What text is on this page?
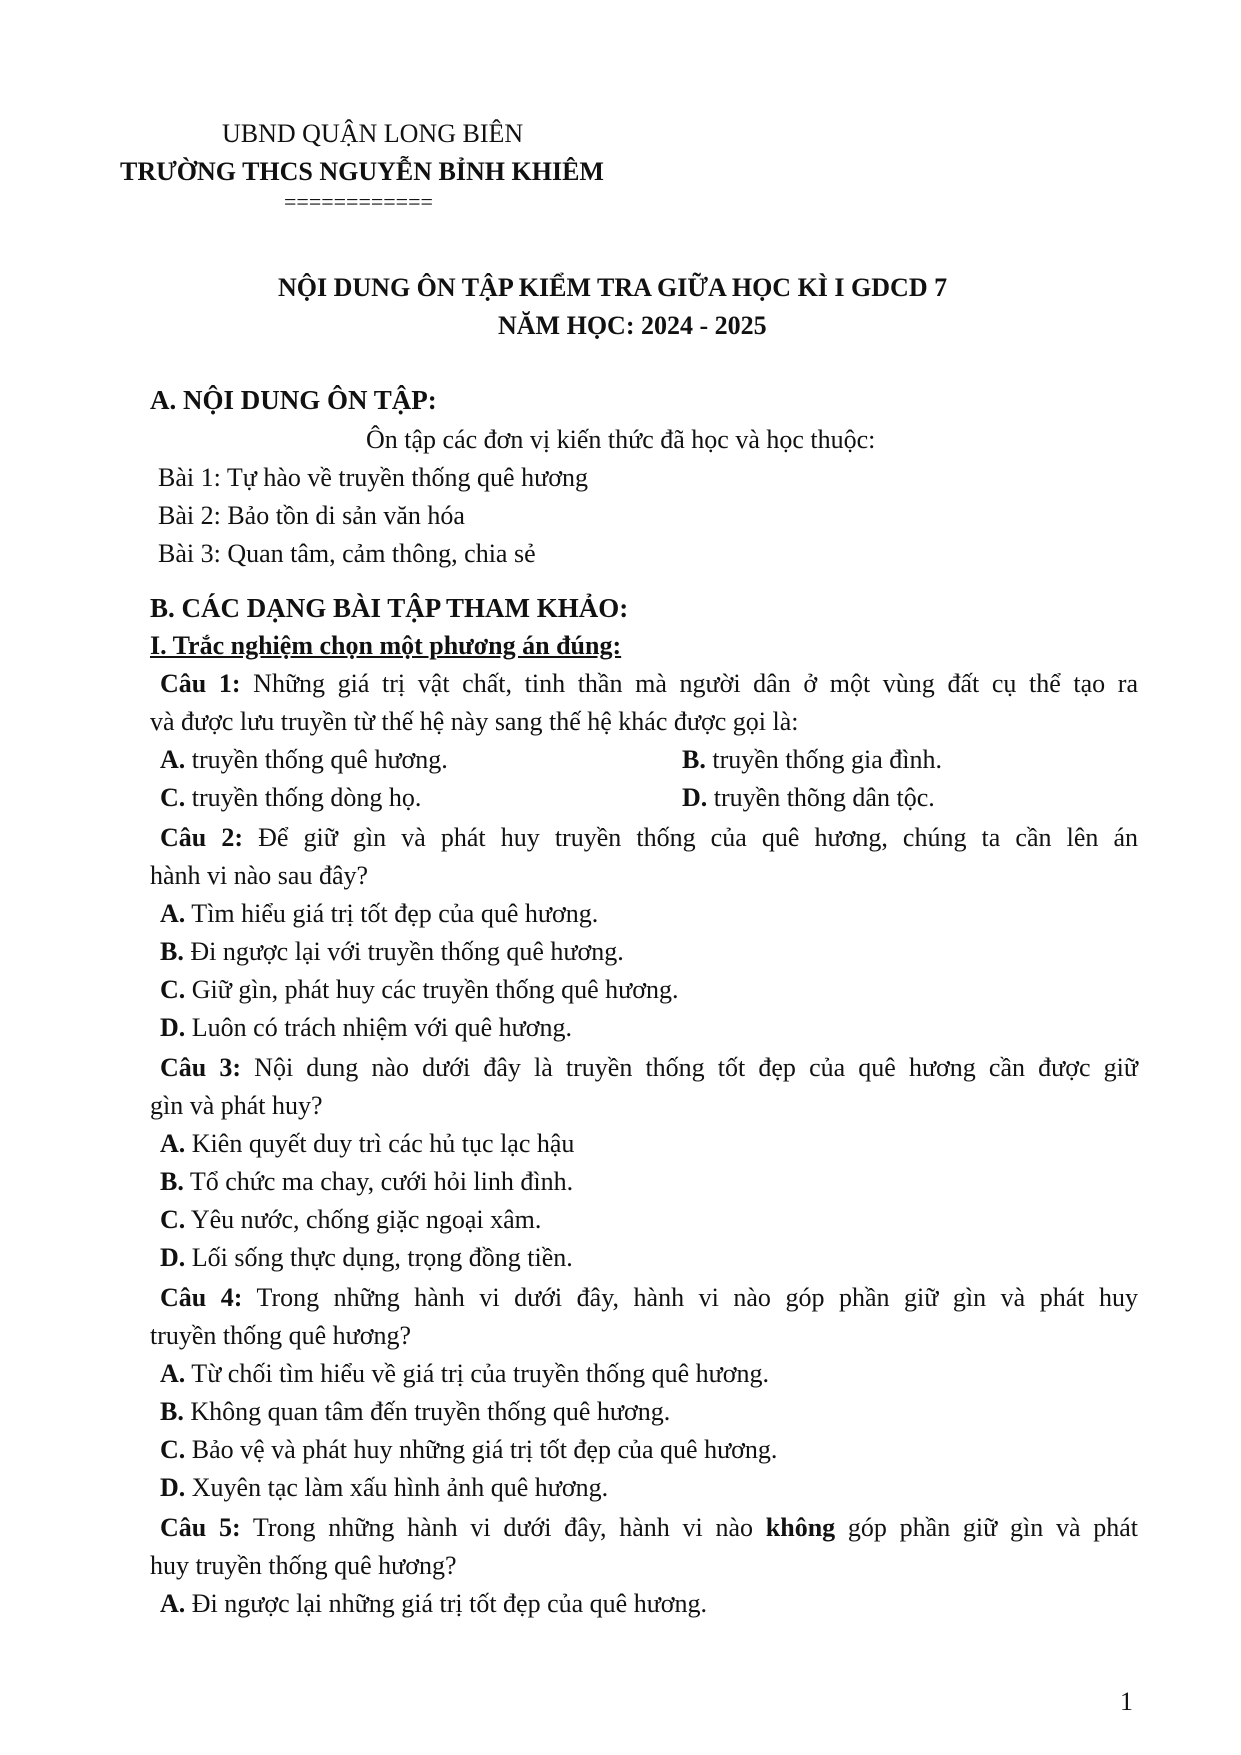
UBND QUẬN LONG BIÊN
TRƯỜNG THCS NGUYỄN BỈNH KHIÊM
============
NỘI DUNG ÔN TẬP KIỂM TRA GIỮA HỌC KÌ I GDCD 7
NĂM HỌC: 2024 - 2025
A. NỘI DUNG ÔN TẬP:
Ôn tập các đơn vị kiến thức đã học và học thuộc:
Bài 1: Tự hào về truyền thống quê hương
Bài 2: Bảo tồn di sản văn hóa
Bài 3: Quan tâm, cảm thông, chia sẻ
B. CÁC DẠNG BÀI TẬP THAM KHẢO:
I. Trắc nghiệm chọn một phương án đúng:
Câu 1: Những giá trị vật chất, tinh thần mà người dân ở một vùng đất cụ thể tạo ra
và được lưu truyền từ thế hệ này sang thế hệ khác được gọi là:
A. truyền thống quê hương.	B. truyền thống gia đình.
C. truyền thống dòng họ.	D. truyền thõng dân tộc.
Câu 2: Để giữ gìn và phát huy truyền thống của quê hương, chúng ta cần lên án
hành vi nào sau đây?
A. Tìm hiểu giá trị tốt đẹp của quê hương.
B. Đi ngược lại với truyền thống quê hương.
C. Giữ gìn, phát huy các truyền thống quê hương.
D. Luôn có trách nhiệm với quê hương.
Câu 3: Nội dung nào dưới đây là truyền thống tốt đẹp của quê hương cần được giữ
gìn và phát huy?
A. Kiên quyết duy trì các hủ tục lạc hậu
B. Tổ chức ma chay, cưới hỏi linh đình.
C. Yêu nước, chống giặc ngoại xâm.
D. Lối sống thực dụng, trọng đồng tiền.
Câu 4: Trong những hành vi dưới đây, hành vi nào góp phần giữ gìn và phát huy
truyền thống quê hương?
A. Từ chối tìm hiểu về giá trị của truyền thống quê hương.
B. Không quan tâm đến truyền thống quê hương.
C. Bảo vệ và phát huy những giá trị tốt đẹp của quê hương.
D. Xuyên tạc làm xấu hình ảnh quê hương.
Câu 5: Trong những hành vi dưới đây, hành vi nào không góp phần giữ gìn và phát
huy truyền thống quê hương?
A. Đi ngược lại những giá trị tốt đẹp của quê hương.
1
